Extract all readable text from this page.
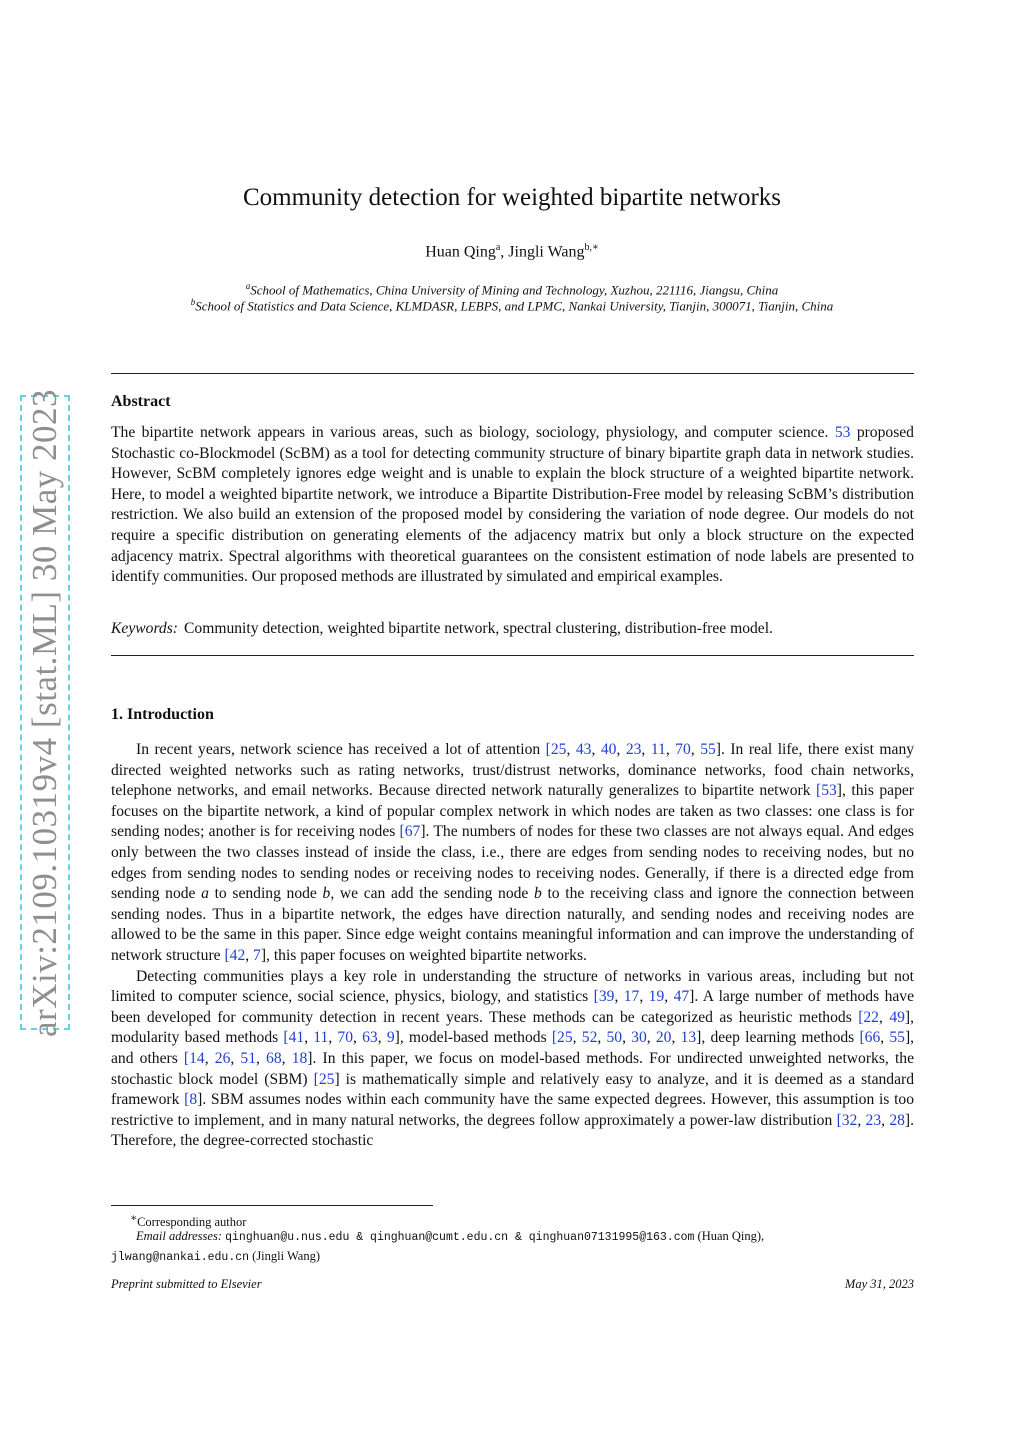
arXiv:2109.10319v4 [stat.ML] 30 May 2023
Community detection for weighted bipartite networks
Huan Qing$^a$, Jingli Wang$^{b,∗}$
$^a$School of Mathematics, China University of Mining and Technology, Xuzhou, 221116, Jiangsu, China
$^b$School of Statistics and Data Science, KLMDASR, LEBPS, and LPMC, Nankai University, Tianjin, 300071, Tianjin, China
Abstract

The bipartite network appears in various areas, such as biology, sociology, physiology, and computer science. 53 proposed Stochastic co-Blockmodel (ScBM) as a tool for detecting community structure of binary bipartite graph data in network studies. However, ScBM completely ignores edge weight and is unable to explain the block structure of a weighted bipartite network. Here, to model a weighted bipartite network, we introduce a Bipartite Distribution-Free model by releasing ScBM’s distribution restriction. We also build an extension of the proposed model by considering the variation of node degree. Our models do not require a specific distribution on generating elements of the adjacency matrix but only a block structure on the expected adjacency matrix. Spectral algorithms with theoretical guarantees on the consistent estimation of node labels are presented to identify communities. Our proposed methods are illustrated by simulated and empirical examples.

Keywords: Community detection, weighted bipartite network, spectral clustering, distribution-free model.
1. Introduction

In recent years, network science has received a lot of attention [25, 43, 40, 23, 11, 70, 55]. In real life, there exist many directed weighted networks such as rating networks, trust/distrust networks, dominance networks, food chain networks, telephone networks, and email networks. Because directed network naturally generalizes to bipartite network [53], this paper focuses on the bipartite network, a kind of popular complex network in which nodes are taken as two classes: one class is for sending nodes; another is for receiving nodes [67]. The numbers of nodes for these two classes are not always equal. And edges only between the two classes instead of inside the class, i.e., there are edges from sending nodes to receiving nodes, but no edges from sending nodes to sending nodes or receiving nodes to receiving nodes. Generally, if there is a directed edge from sending node a to sending node b, we can add the sending node b to the receiving class and ignore the connection between sending nodes. Thus in a bipartite network, the edges have direction naturally, and sending nodes and receiving nodes are allowed to be the same in this paper. Since edge weight contains meaningful information and can improve the understanding of network structure [42, 7], this paper focuses on weighted bipartite networks.

Detecting communities plays a key role in understanding the structure of networks in various areas, including but not limited to computer science, social science, physics, biology, and statistics [39, 17, 19, 47]. A large number of methods have been developed for community detection in recent years. These methods can be categorized as heuristic methods [22, 49], modularity based methods [41, 11, 70, 63, 9], model-based methods [25, 52, 50, 30, 20, 13], deep learning methods [66, 55], and others [14, 26, 51, 68, 18]. In this paper, we focus on model-based methods. For undirected unweighted networks, the stochastic block model (SBM) [25] is mathematically simple and relatively easy to analyze, and it is deemed as a standard framework [8]. SBM assumes nodes within each community have the same expected degrees. However, this assumption is too restrictive to implement, and in many natural networks, the degrees follow approximately a power-law distribution [32, 23, 28]. Therefore, the degree-corrected stochastic

∗Corresponding author
Email addresses: qinghuan@u.nus.edu & qinghuan@cumt.edu.cn & qinghuan07131995@163.com (Huan Qing),
jlwang@nankai.edu.cn (Jingli Wang)
Preprint submitted to Elsevier	May 31, 2023
